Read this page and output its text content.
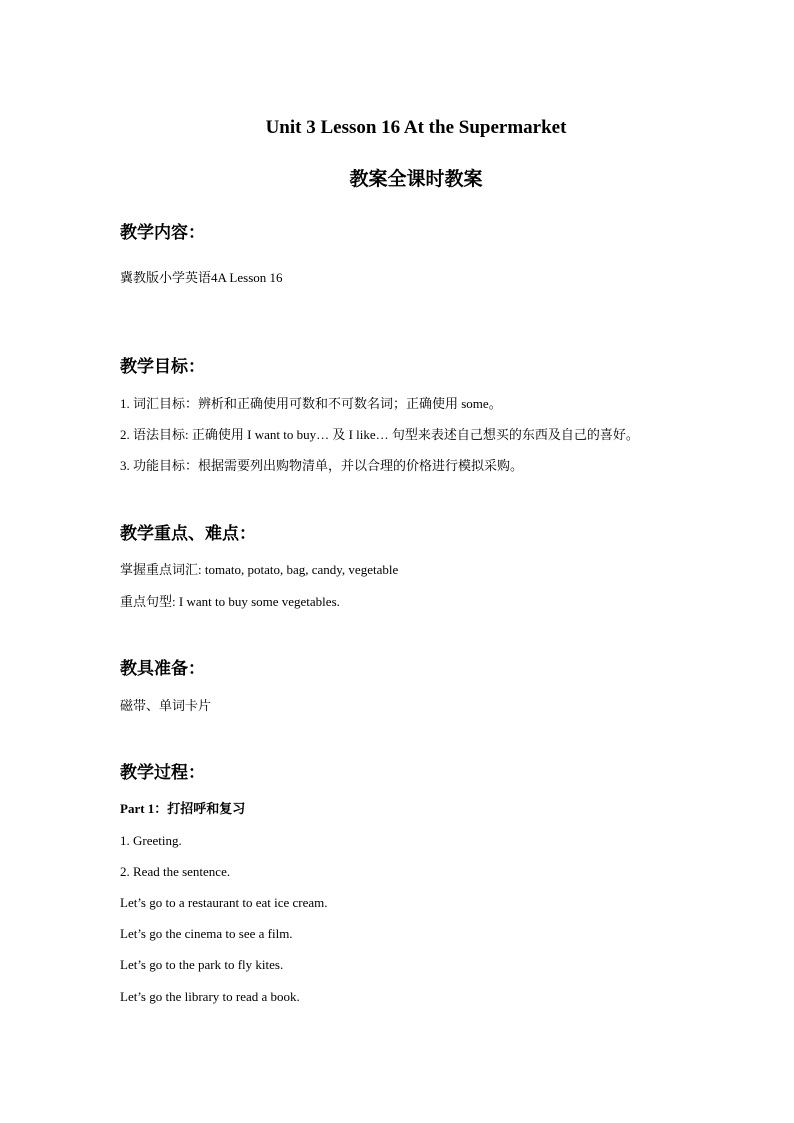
Unit 3 Lesson 16 At the Supermarket
教案全课时教案
教学内容：
冀教版小学英语4A Lesson 16
教学目标：
1. 词汇目标：辨析和正确使用可数和不可数名词；正确使用 some。
2. 语法目标: 正确使用 I want to buy… 及 I like… 句型来表述自己想买的东西及自己的喜好。
3. 功能目标：根据需要列出购物清单，并以合理的价格进行模拟采购。
教学重点、难点：
掌握重点词汇: tomato, potato, bag, candy, vegetable
重点句型: I want to buy some vegetables.
教具准备：
磁带、单词卡片
教学过程：
Part 1：打招呼和复习
1. Greeting.
2. Read the sentence.
Let’s go to a restaurant to eat ice cream.
Let’s go the cinema to see a film.
Let’s go to the park to fly kites.
Let’s go the library to read a book.
